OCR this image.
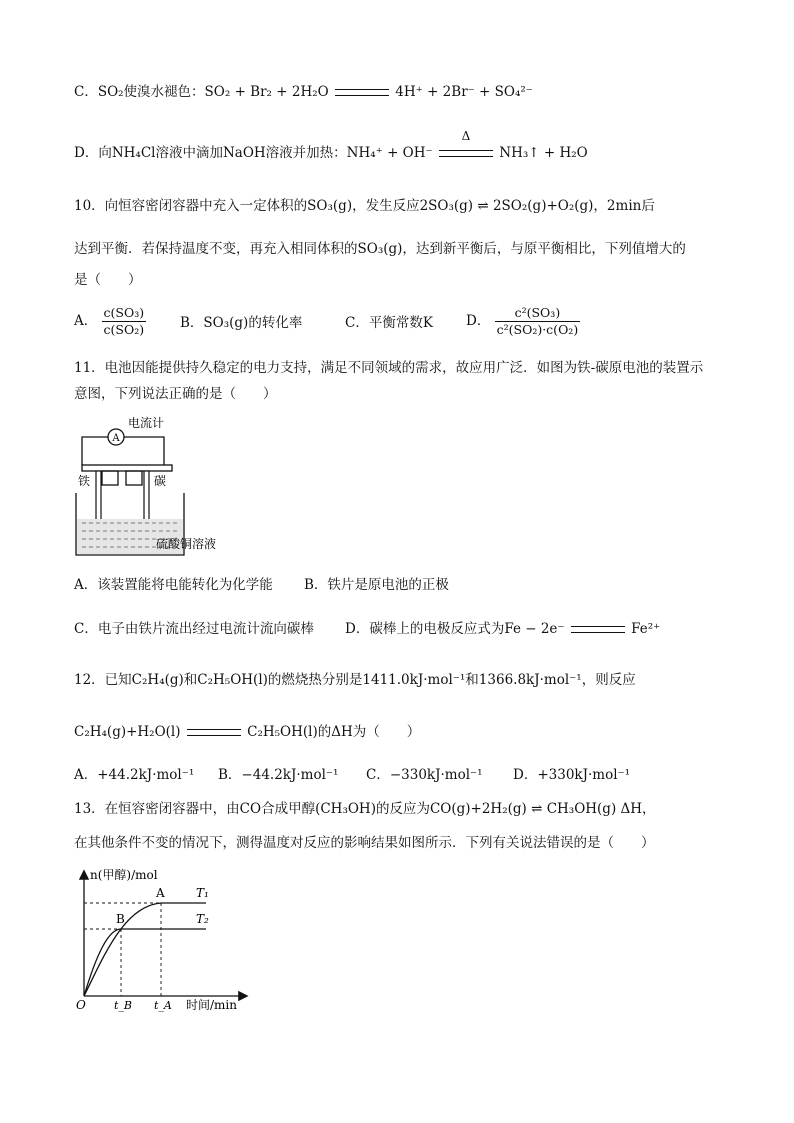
C．SO₂使溴水褪色：SO₂ + Br₂ + 2H₂O	4H⁺ + 2Br⁻ + SO₄²⁻
D．向NH₄Cl溶液中滴加NaOH溶液并加热：NH₄⁺ + OH⁻
Δ
NH₃↑ + H₂O
10．向恒容密闭容器中充入一定体积的SO₃(g)，发生反应2SO₃(g) ⇌ 2SO₂(g)+O₂(g)，2min后
达到平衡．若保持温度不变，再充入相同体积的SO₃(g)，达到新平衡后，与原平衡相比，下列值增大的
是（　　）
A． $\frac{\text{c(SO₃)}}{\text{c(SO₂)}}$	B．SO₃(g)的转化率	C．平衡常数K D． $\frac{\text{c²(SO₃)}}{\text{c²(SO₂)·c(O₂)}}$
11．电池因能提供持久稳定的电力支持，满足不同领域的需求，故应用广泛．如图为铁-碳原电池的装置示
意图，下列说法正确的是（　　）
A
电流计
铁	碳
硫酸铜溶液
A．该装置能将电能转化为化学能 B．铁片是原电池的正极
C．电子由铁片流出经过电流计流向碳棒 D．碳棒上的电极反应式为Fe − 2e⁻	Fe²⁺
12．已知C₂H₄(g)和C₂H₅OH(l)的燃烧热分别是1411.0kJ·mol⁻¹和1366.8kJ·mol⁻¹，则反应
C₂H₄(g)+H₂O(l)	C₂H₅OH(l)的ΔH为（　　）
A．+44.2kJ·mol⁻¹ B．−44.2kJ·mol⁻¹ C．−330kJ·mol⁻¹ D．+330kJ·mol⁻¹
13．在恒容密闭容器中，由CO合成甲醇(CH₃OH)的反应为CO(g)+2H₂(g) ⇌ CH₃OH(g) ΔH，
在其他条件不变的情况下，测得温度对反应的影响结果如图所示．下列有关说法错误的是（　　）
n(甲醇)/mol
时间/min
O
A
B
T₁
T₂
t_B t_A
